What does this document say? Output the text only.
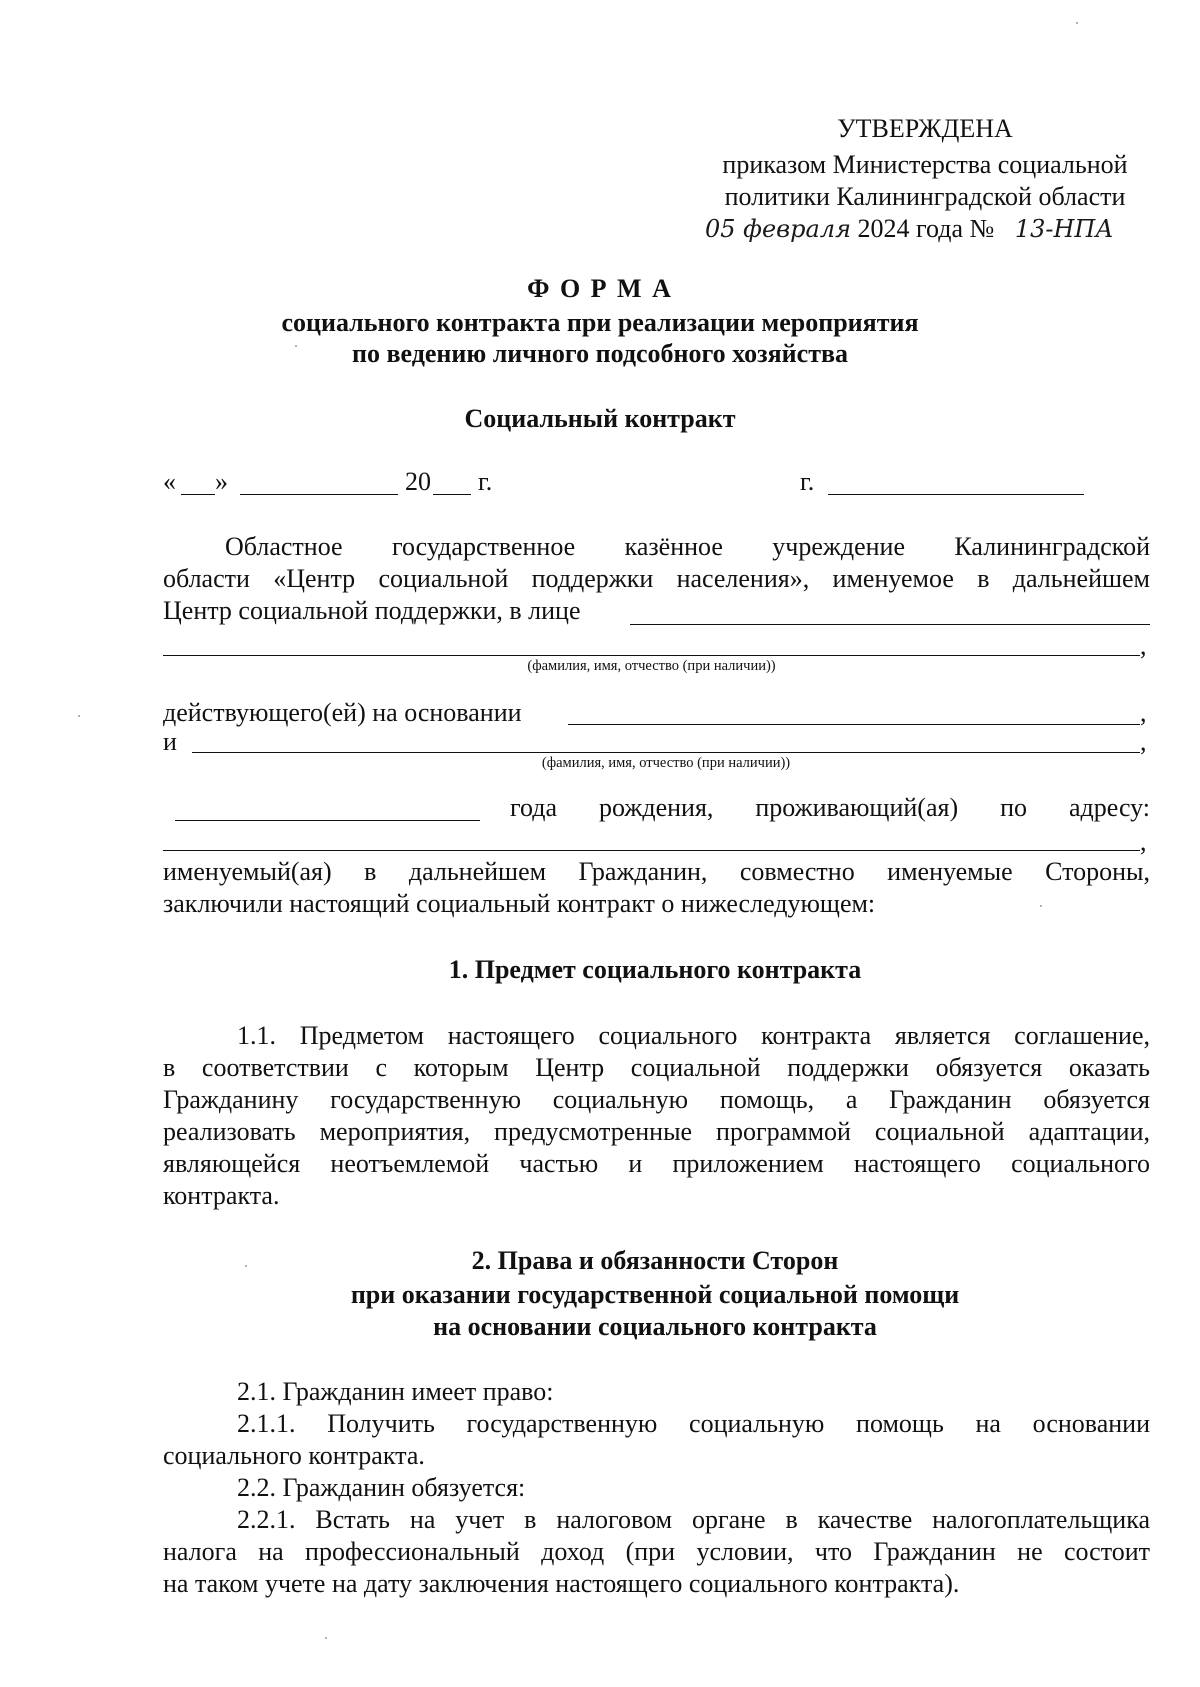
УТВЕРЖДЕНА
приказом Министерства социальной
политики Калининградской области
05 февраля 2024 года № 13-НПА
Ф О Р М А
социального контракта при реализации мероприятия
по ведению личного подсобного хозяйства
Социальный контракт
« »	20 г.	г.
Областное государственное казённое учреждение Калининградской
области «Центр социальной поддержки населения», именуемое в дальнейшем
Центр социальной поддержки, в лице
,
(фамилия, имя, отчество (при наличии))
действующего(ей) на основании	,
и	,
(фамилия, имя, отчество (при наличии))
года рождения, проживающий(ая) по адресу:
,
именуемый(ая) в дальнейшем Гражданин, совместно именуемые Стороны,
заключили настоящий социальный контракт о нижеследующем:
1. Предмет социального контракта
1.1. Предметом настоящего социального контракта является соглашение,
в соответствии с которым Центр социальной поддержки обязуется оказать
Гражданину государственную социальную помощь, а Гражданин обязуется
реализовать мероприятия, предусмотренные программой социальной адаптации,
являющейся неотъемлемой частью и приложением настоящего социального
контракта.
2. Права и обязанности Сторон
при оказании государственной социальной помощи
на основании социального контракта
2.1. Гражданин имеет право:
2.1.1. Получить государственную социальную помощь на основании
социального контракта.
2.2. Гражданин обязуется:
2.2.1. Встать на учет в налоговом органе в качестве налогоплательщика
налога на профессиональный доход (при условии, что Гражданин не состоит
на таком учете на дату заключения настоящего социального контракта).
